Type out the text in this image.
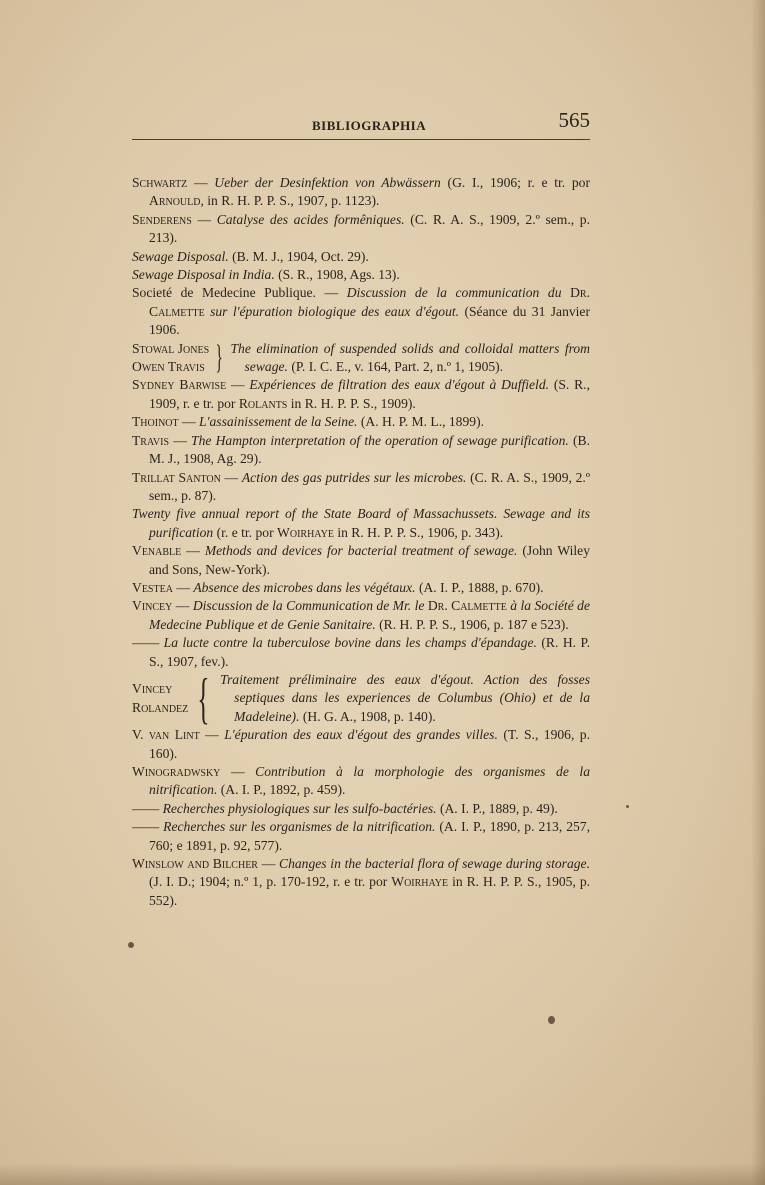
BIBLIOGRAPHIA	565
Schwartz — Ueber der Desinfektion von Abwässern (G. I., 1906; r. e tr. por Arnould, in R. H. P. P. S., 1907, p. 1123).
Senderens — Catalyse des acides formêniques. (C. R. A. S., 1909, 2.º sem., p. 213).
Sewage Disposal. (B. M. J., 1904, Oct. 29).
Sewage Disposal in India. (S. R., 1908, Ags. 13).
Societé de Medecine Publique. — Discussion de la communication du Dr. Calmette sur l'épuration biologique des eaux d'égout. (Séance du 31 Janvier 1906.
Stowal Jones
Owen Travis } The elimination of suspended solids and colloidal matters from sewage. (P. I. C. E., v. 164, Part. 2, n.º 1, 1905).
Sydney Barwise — Expériences de filtration des eaux d'égout à Duffield. (S. R., 1909, r. e tr. por Rolants in R. H. P. P. S., 1909).
Thoinot — L'assainissement de la Seine. (A. H. P. M. L., 1899).
Travis — The Hampton interpretation of the operation of sewage purification. (B. M. J., 1908, Ag. 29).
Trillat Santon — Action des gas putrides sur les microbes. (C. R. A. S., 1909, 2.º sem., p. 87).
Twenty five annual report of the State Board of Massachussets. Sewage and its purification (r. e tr. por Woirhaye in R. H. P. P. S., 1906, p. 343).
Venable — Methods and devices for bacterial treatment of sewage. (John Wiley and Sons, New-York).
Vestea — Absence des microbes dans les végétaux. (A. I. P., 1888, p. 670).
Vincey — Discussion de la Communication de Mr. le Dr. Calmette à la Société de Medecine Publique et de Genie Sanitaire. (R. H. P. P. S., 1906, p. 187 e 523).
—— La lucte contre la tuberculose bovine dans les champs d'épandage. (R. H. P. S., 1907, fev.).
Vincey
Rolandez { Traitement préliminaire des eaux d'égout. Action des fosses septiques dans les experiences de Columbus (Ohio) et de la Madeleine). (H. G. A., 1908, p. 140).
V. van Lint — L'épuration des eaux d'égout des grandes villes. (T. S., 1906, p. 160).
Winogradwsky — Contribution à la morphologie des organismes de la nitrification. (A. I. P., 1892, p. 459).
—— Recherches physiologiques sur les sulfo-bactéries. (A. I. P., 1889, p. 49).
—— Recherches sur les organismes de la nitrification. (A. I. P., 1890, p. 213, 257, 760; e 1891, p. 92, 577).
Winslow and Bilcher — Changes in the bacterial flora of sewage during storage. (J. I. D.; 1904; n.º 1, p. 170-192, r. e tr. por Woirhaye in R. H. P. P. S., 1905, p. 552).
